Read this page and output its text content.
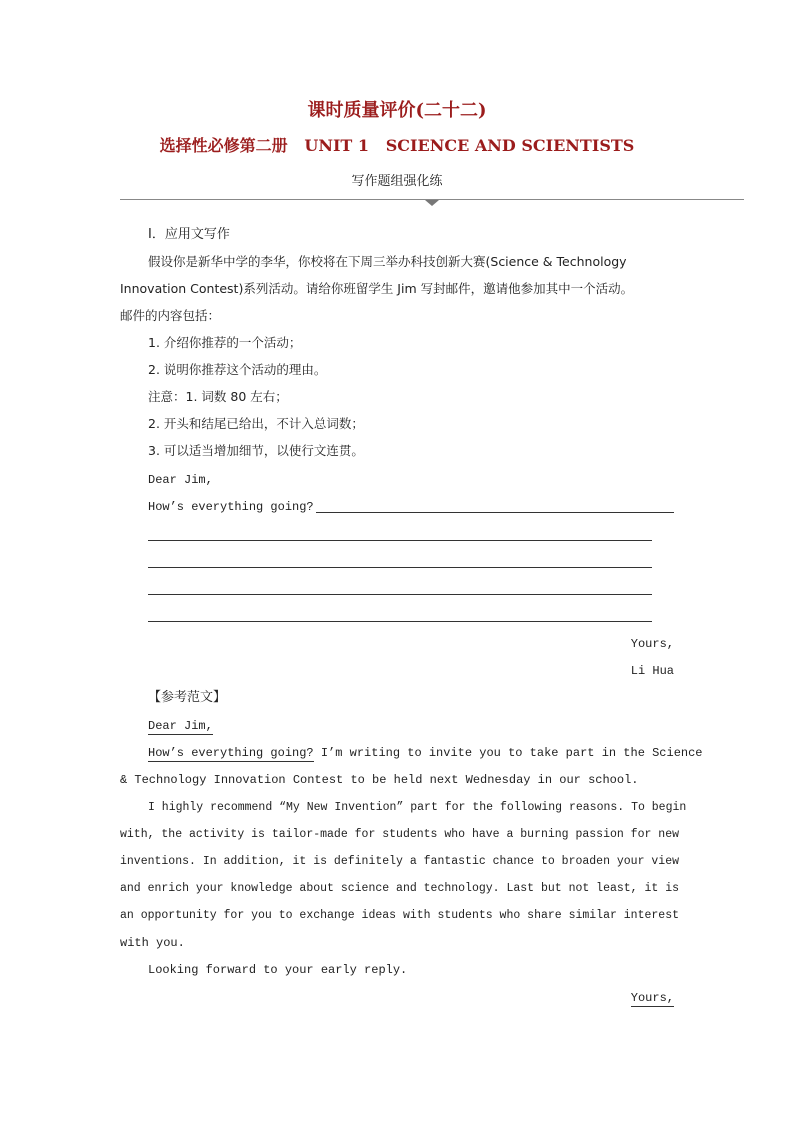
课时质量评价(二十二)
选择性必修第二册   UNIT 1   SCIENCE AND SCIENTISTS
写作题组强化练
Ⅰ．应用文写作
假设你是新华中学的李华，你校将在下周三举办科技创新大赛(Science & Technology
Innovation Contest)系列活动。请给你班留学生 Jim 写封邮件，邀请他参加其中一个活动。
邮件的内容包括：
1. 介绍你推荐的一个活动；
2. 说明你推荐这个活动的理由。
注意：1. 词数 80 左右；
2. 开头和结尾已给出，不计入总词数；
3. 可以适当增加细节，以使行文连贯。
Dear Jim,
How’s everything going?
Yours,
Li Hua
【参考范文】
Dear Jim,
How’s everything going? I’m writing to invite you to take part in the Science
& Technology Innovation Contest to be held next Wednesday in our school.
I highly recommend “My New Invention” part for the following reasons. To begin
with, the activity is tailor-made for students who have a burning passion for new
inventions. In addition, it is definitely a fantastic chance to broaden your view
and enrich your knowledge about science and technology. Last but not least, it is
an opportunity for you to exchange ideas with students who share similar interest
with you.
Looking forward to your early reply.
Yours,
